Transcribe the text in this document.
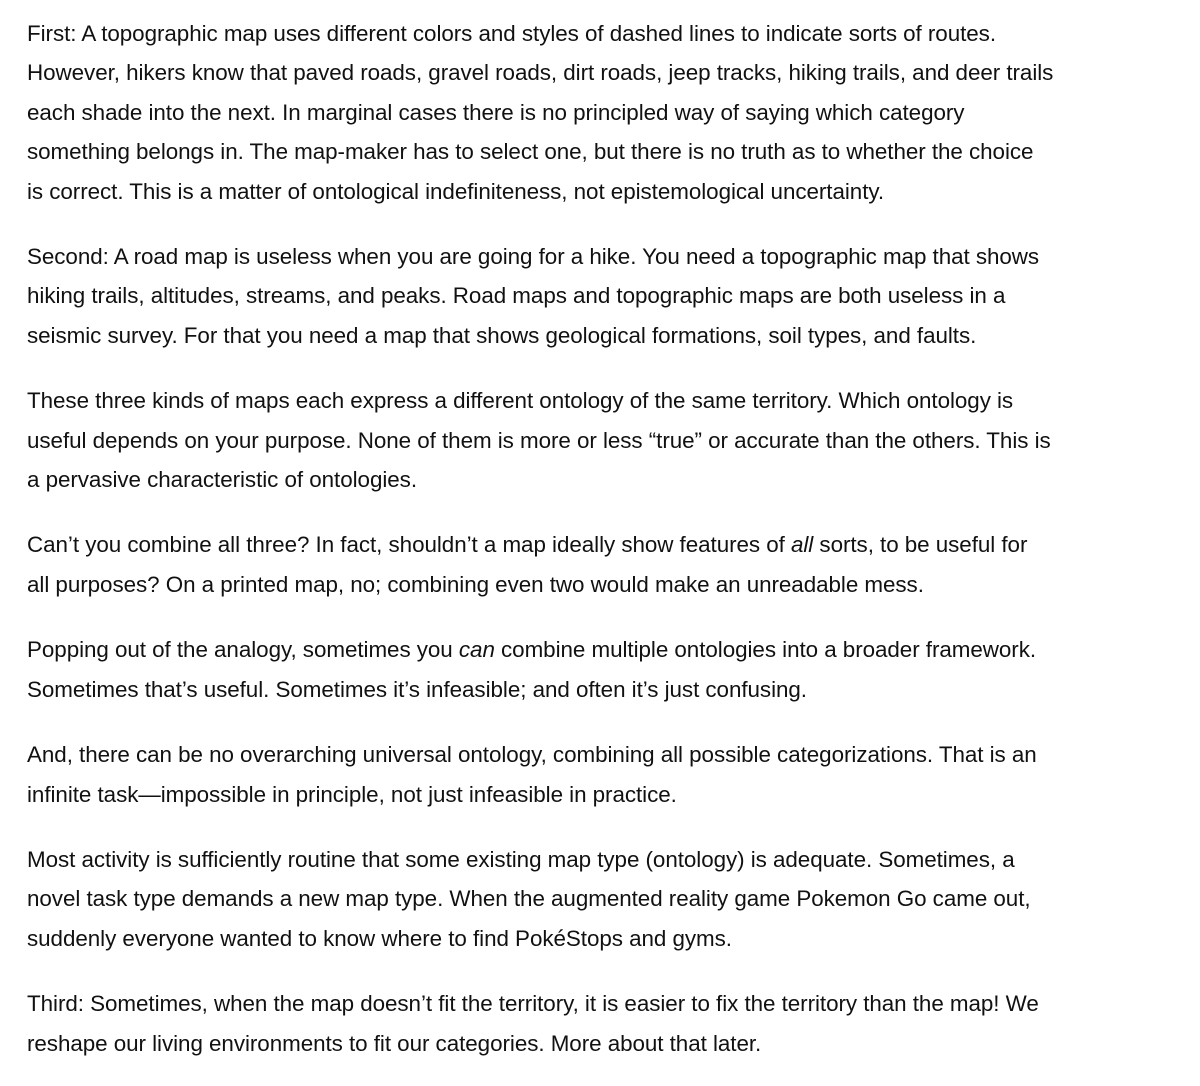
First: A topographic map uses different colors and styles of dashed lines to indicate sorts of routes.
However, hikers know that paved roads, gravel roads, dirt roads, jeep tracks, hiking trails, and deer trails
each shade into the next. In marginal cases there is no principled way of saying which category
something belongs in. The map-maker has to select one, but there is no truth as to whether the choice
is correct. This is a matter of ontological indefiniteness, not epistemological uncertainty.

Second: A road map is useless when you are going for a hike. You need a topographic map that shows
hiking trails, altitudes, streams, and peaks. Road maps and topographic maps are both useless in a
seismic survey. For that you need a map that shows geological formations, soil types, and faults.

These three kinds of maps each express a different ontology of the same territory. Which ontology is
useful depends on your purpose. None of them is more or less “true” or accurate than the others. This is
a pervasive characteristic of ontologies.

Can’t you combine all three? In fact, shouldn’t a map ideally show features of all sorts, to be useful for
all purposes? On a printed map, no; combining even two would make an unreadable mess.

Popping out of the analogy, sometimes you can combine multiple ontologies into a broader framework.
Sometimes that’s useful. Sometimes it’s infeasible; and often it’s just confusing.

And, there can be no overarching universal ontology, combining all possible categorizations. That is an
infinite task—impossible in principle, not just infeasible in practice.

Most activity is sufficiently routine that some existing map type (ontology) is adequate. Sometimes, a
novel task type demands a new map type. When the augmented reality game Pokemon Go came out,
suddenly everyone wanted to know where to find PokéStops and gyms.

Third: Sometimes, when the map doesn’t fit the territory, it is easier to fix the territory than the map! We
reshape our living environments to fit our categories. More about that later.
